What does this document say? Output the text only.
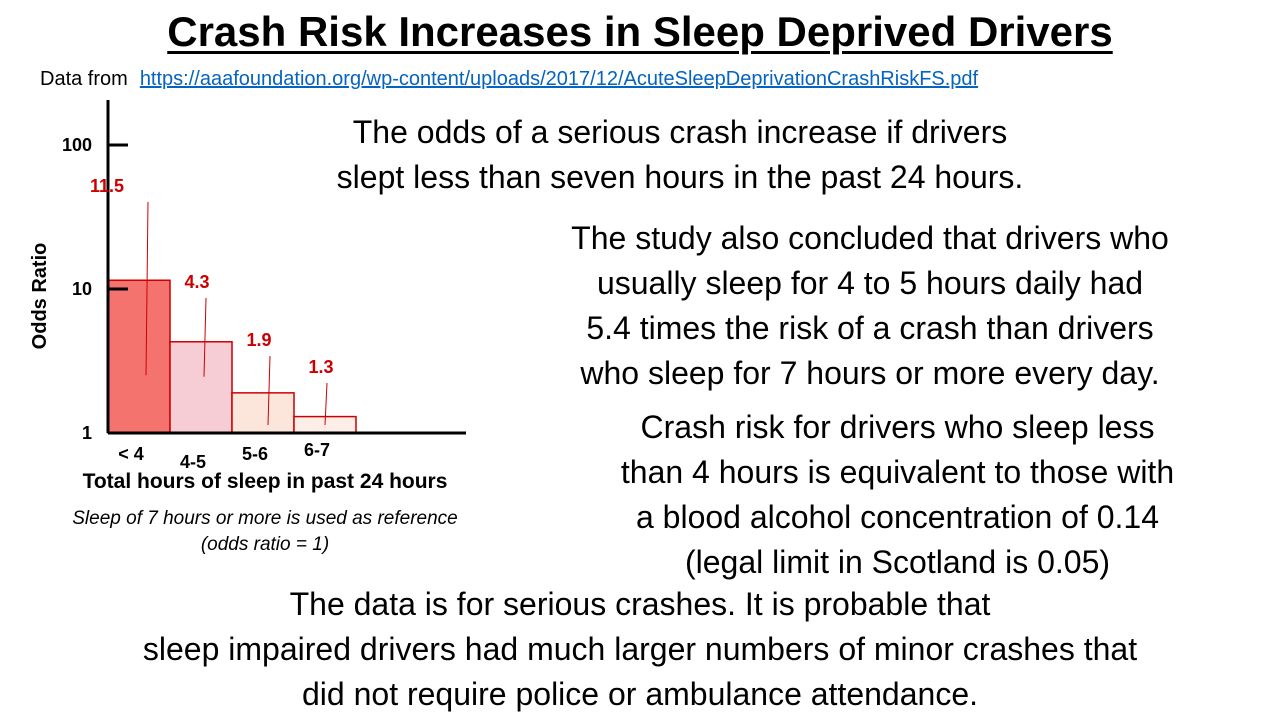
Crash Risk Increases in Sleep Deprived Drivers
Data from https://aaafoundation.org/wp-content/uploads/2017/12/AcuteSleepDeprivationCrashRiskFS.pdf
1
10
100
Odds Ratio
< 4
11.5
4-5
4.3
5-6
1.9
6-7
1.3
Total hours of sleep in past 24 hours
Sleep of 7 hours or more is used as reference
(odds ratio = 1)
The odds of a serious crash increase if drivers
slept less than seven hours in the past 24 hours.
The study also concluded that drivers who
usually sleep for 4 to 5 hours daily had
5.4 times the risk of a crash than drivers
who sleep for 7 hours or more every day.
Crash risk for drivers who sleep less
than 4 hours is equivalent to those with
a blood alcohol concentration of 0.14
(legal limit in Scotland is 0.05)
The data is for serious crashes. It is probable that
sleep impaired drivers had much larger numbers of minor crashes that
did not require police or ambulance attendance.
